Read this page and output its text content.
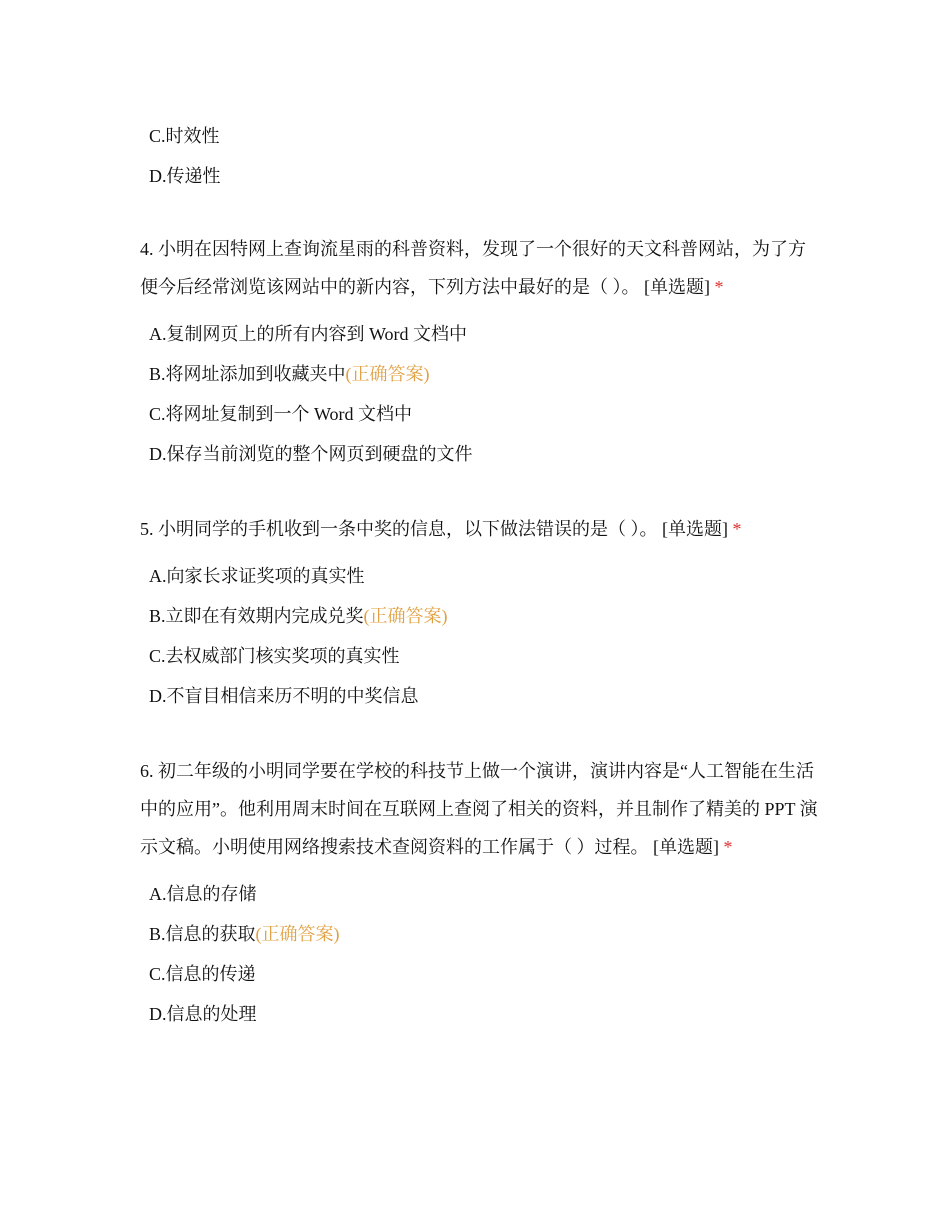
C.时效性
D.传递性

4. 小明在因特网上查询流星雨的科普资料，发现了一个很好的天文科普网站，为了方便今后经常浏览该网站中的新内容，下列方法中最好的是（ ）。 [单选题] *

A.复制网页上的所有内容到 Word 文档中
B.将网址添加到收藏夹中(正确答案)
C.将网址复制到一个 Word 文档中
D.保存当前浏览的整个网页到硬盘的文件

5. 小明同学的手机收到一条中奖的信息，以下做法错误的是（ ）。 [单选题] *

A.向家长求证奖项的真实性
B.立即在有效期内完成兑奖(正确答案)
C.去权威部门核实奖项的真实性
D.不盲目相信来历不明的中奖信息

6. 初二年级的小明同学要在学校的科技节上做一个演讲，演讲内容是“人工智能在生活中的应用”。他利用周末时间在互联网上查阅了相关的资料，并且制作了精美的 PPT 演示文稿。小明使用网络搜索技术查阅资料的工作属于（ ）过程。 [单选题] *

A.信息的存储
B.信息的获取(正确答案)
C.信息的传递
D.信息的处理
